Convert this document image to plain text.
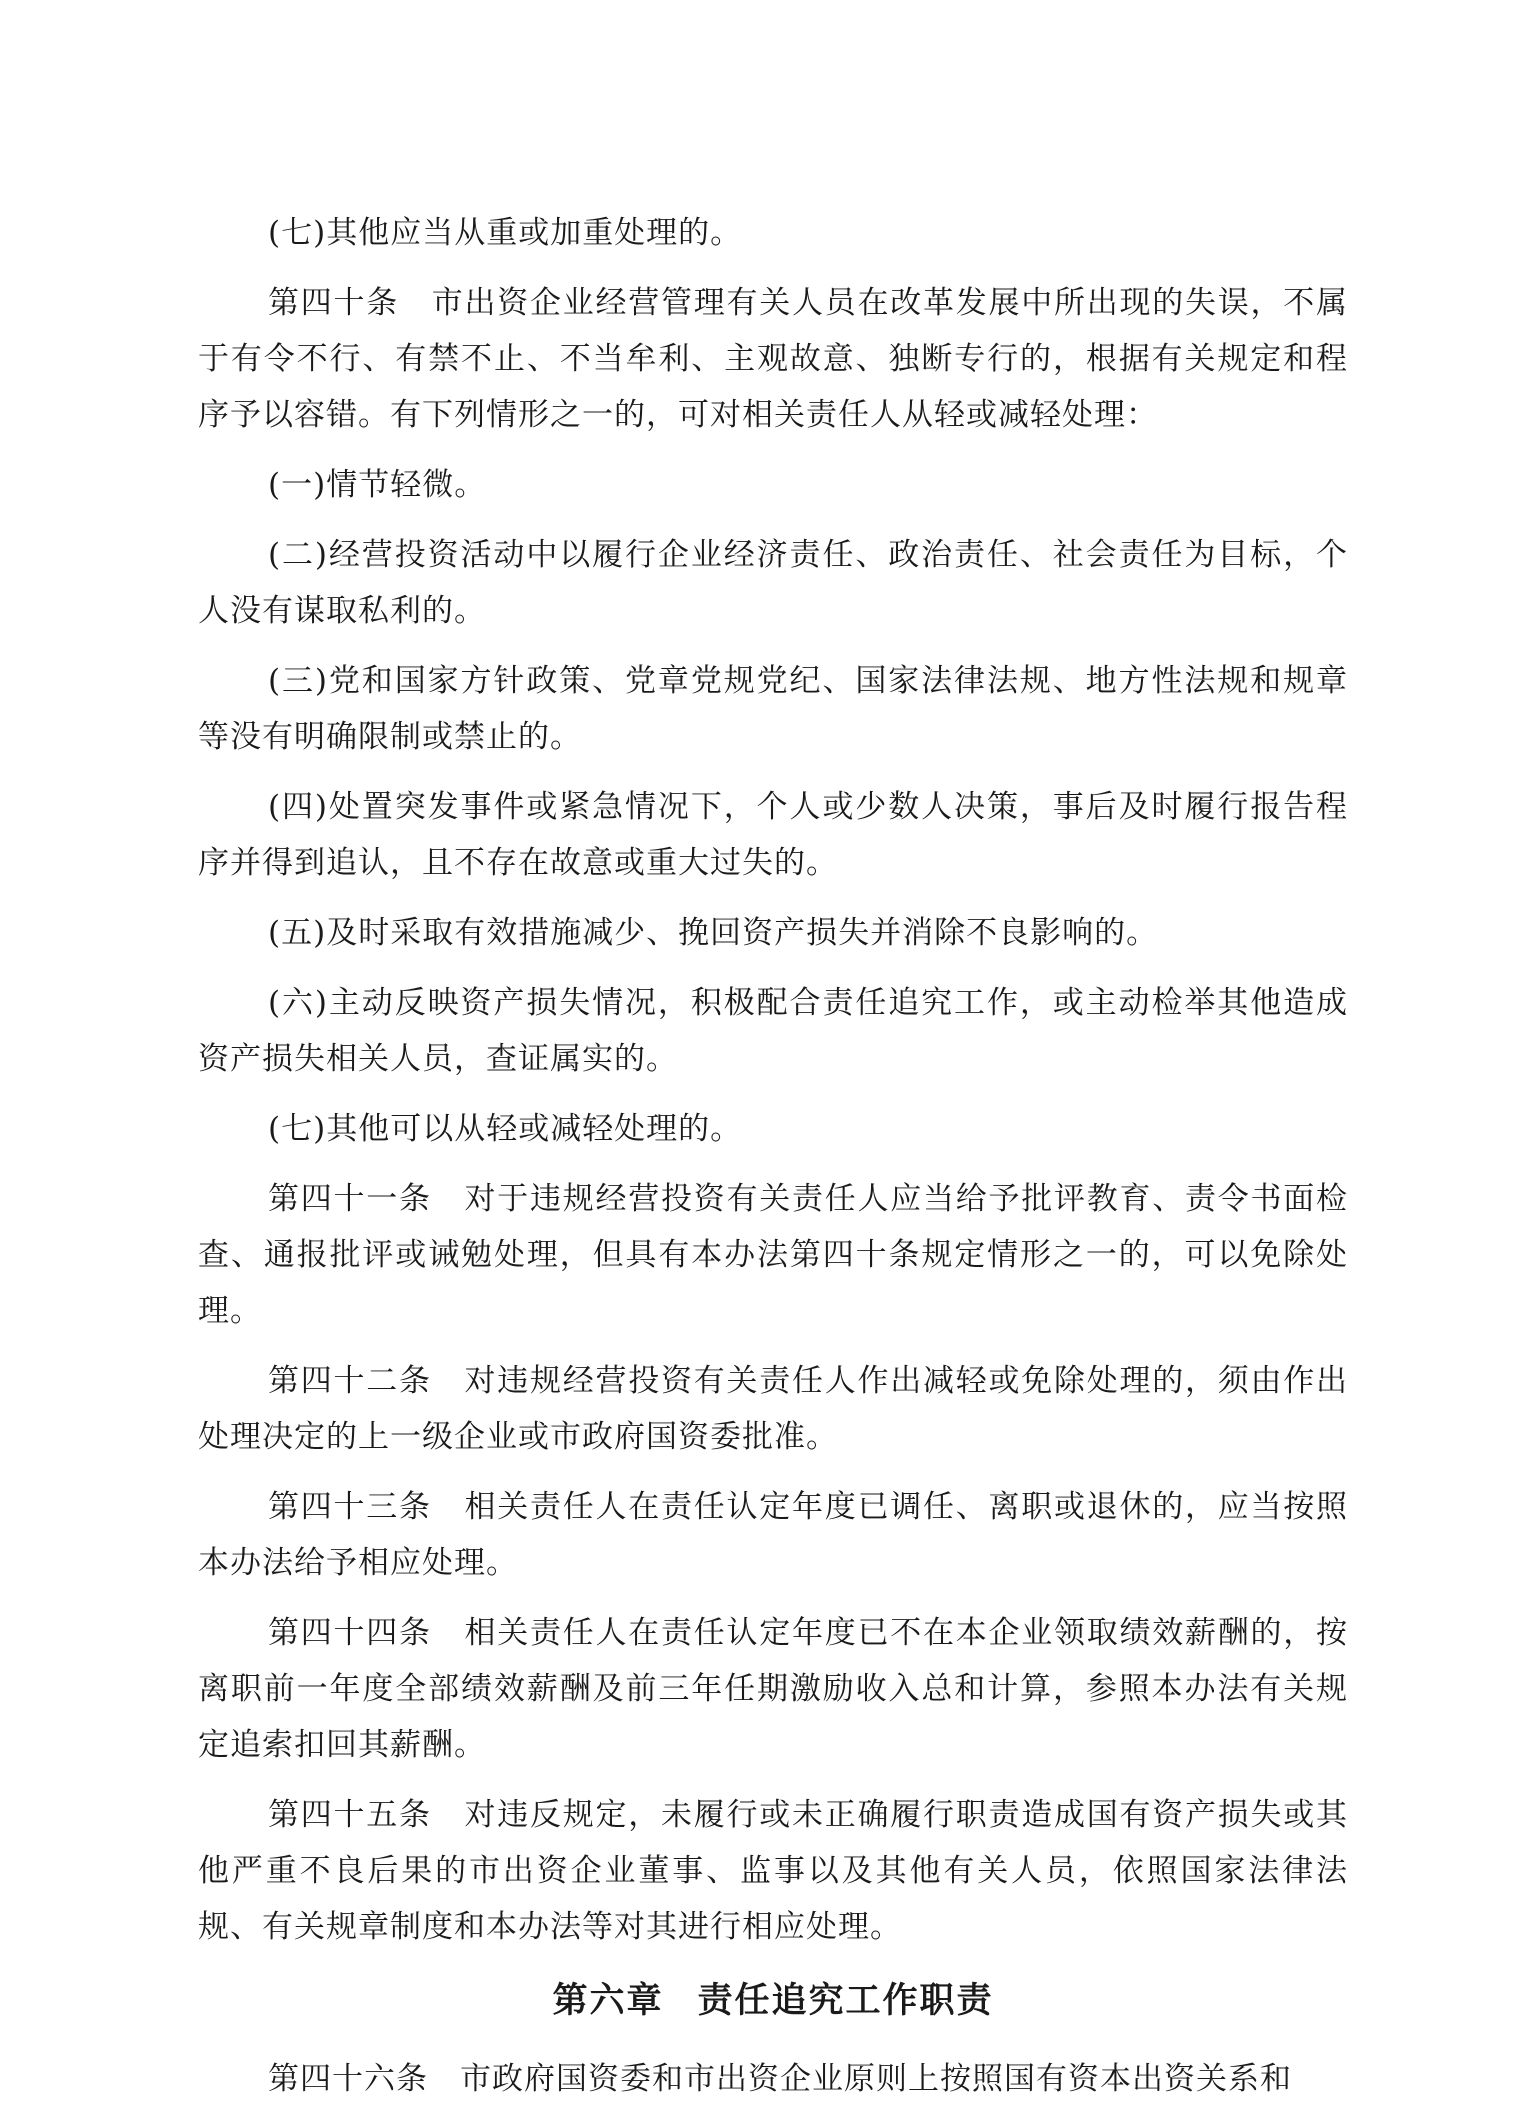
(七)其他应当从重或加重处理的。

第四十条　市出资企业经营管理有关人员在改革发展中所出现的失误，不属于有令不行、有禁不止、不当牟利、主观故意、独断专行的，根据有关规定和程序予以容错。有下列情形之一的，可对相关责任人从轻或减轻处理：

(一)情节轻微。

(二)经营投资活动中以履行企业经济责任、政治责任、社会责任为目标，个人没有谋取私利的。

(三)党和国家方针政策、党章党规党纪、国家法律法规、地方性法规和规章等没有明确限制或禁止的。

(四)处置突发事件或紧急情况下，个人或少数人决策，事后及时履行报告程序并得到追认，且不存在故意或重大过失的。

(五)及时采取有效措施减少、挽回资产损失并消除不良影响的。

(六)主动反映资产损失情况，积极配合责任追究工作，或主动检举其他造成资产损失相关人员，查证属实的。

(七)其他可以从轻或减轻处理的。

第四十一条　对于违规经营投资有关责任人应当给予批评教育、责令书面检查、通报批评或诫勉处理，但具有本办法第四十条规定情形之一的，可以免除处理。

第四十二条　对违规经营投资有关责任人作出减轻或免除处理的，须由作出处理决定的上一级企业或市政府国资委批准。

第四十三条　相关责任人在责任认定年度已调任、离职或退休的，应当按照本办法给予相应处理。

第四十四条　相关责任人在责任认定年度已不在本企业领取绩效薪酬的，按离职前一年度全部绩效薪酬及前三年任期激励收入总和计算，参照本办法有关规定追索扣回其薪酬。

第四十五条　对违反规定，未履行或未正确履行职责造成国有资产损失或其他严重不良后果的市出资企业董事、监事以及其他有关人员，依照国家法律法规、有关规章制度和本办法等对其进行相应处理。

第六章 责任追究工作职责

第四十六条　市政府国资委和市出资企业原则上按照国有资本出资关系和
